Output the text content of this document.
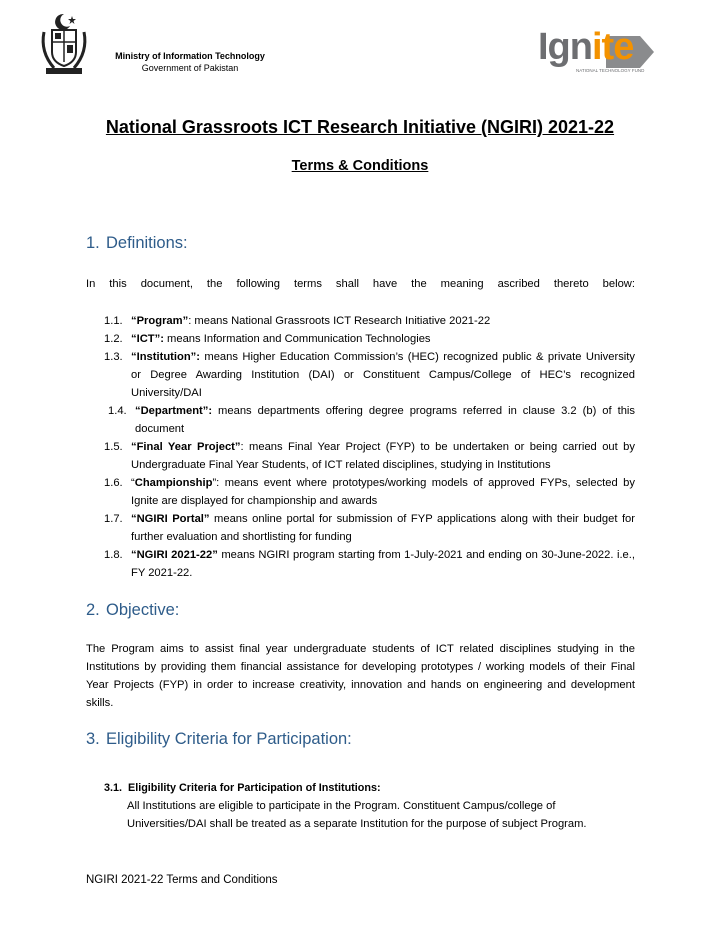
Ministry of Information Technology
Government of Pakistan	Ignite
NATIONAL TECHNOLOGY FUND
National Grassroots ICT Research Initiative (NGIRI) 2021-22
Terms & Conditions
1. Definitions:
In this document, the following terms shall have the meaning ascribed thereto below:
1.1. “Program”: means National Grassroots ICT Research Initiative 2021-22
1.2. “ICT”: means Information and Communication Technologies
1.3. “Institution”: means Higher Education Commission’s (HEC) recognized public & private University or Degree Awarding Institution (DAI) or Constituent Campus/College of HEC’s recognized University/DAI
1.4. “Department”: means departments offering degree programs referred in clause 3.2 (b) of this document
1.5. “Final Year Project”: means Final Year Project (FYP) to be undertaken or being carried out by Undergraduate Final Year Students, of ICT related disciplines, studying in Institutions
1.6. “Championship”: means event where prototypes/working models of approved FYPs, selected by Ignite are displayed for championship and awards
1.7. “NGIRI Portal” means online portal for submission of FYP applications along with their budget for further evaluation and shortlisting for funding
1.8. “NGIRI 2021-22” means NGIRI program starting from 1-July-2021 and ending on 30-June-2022. i.e., FY 2021-22.
2. Objective:
The Program aims to assist final year undergraduate students of ICT related disciplines studying in the Institutions by providing them financial assistance for developing prototypes / working models of their Final Year Projects (FYP) in order to increase creativity, innovation and hands on engineering and development skills.
3. Eligibility Criteria for Participation:
3.1. Eligibility Criteria for Participation of Institutions:
All Institutions are eligible to participate in the Program. Constituent Campus/college of Universities/DAI shall be treated as a separate Institution for the purpose of subject Program.
NGIRI 2021-22 Terms and Conditions
